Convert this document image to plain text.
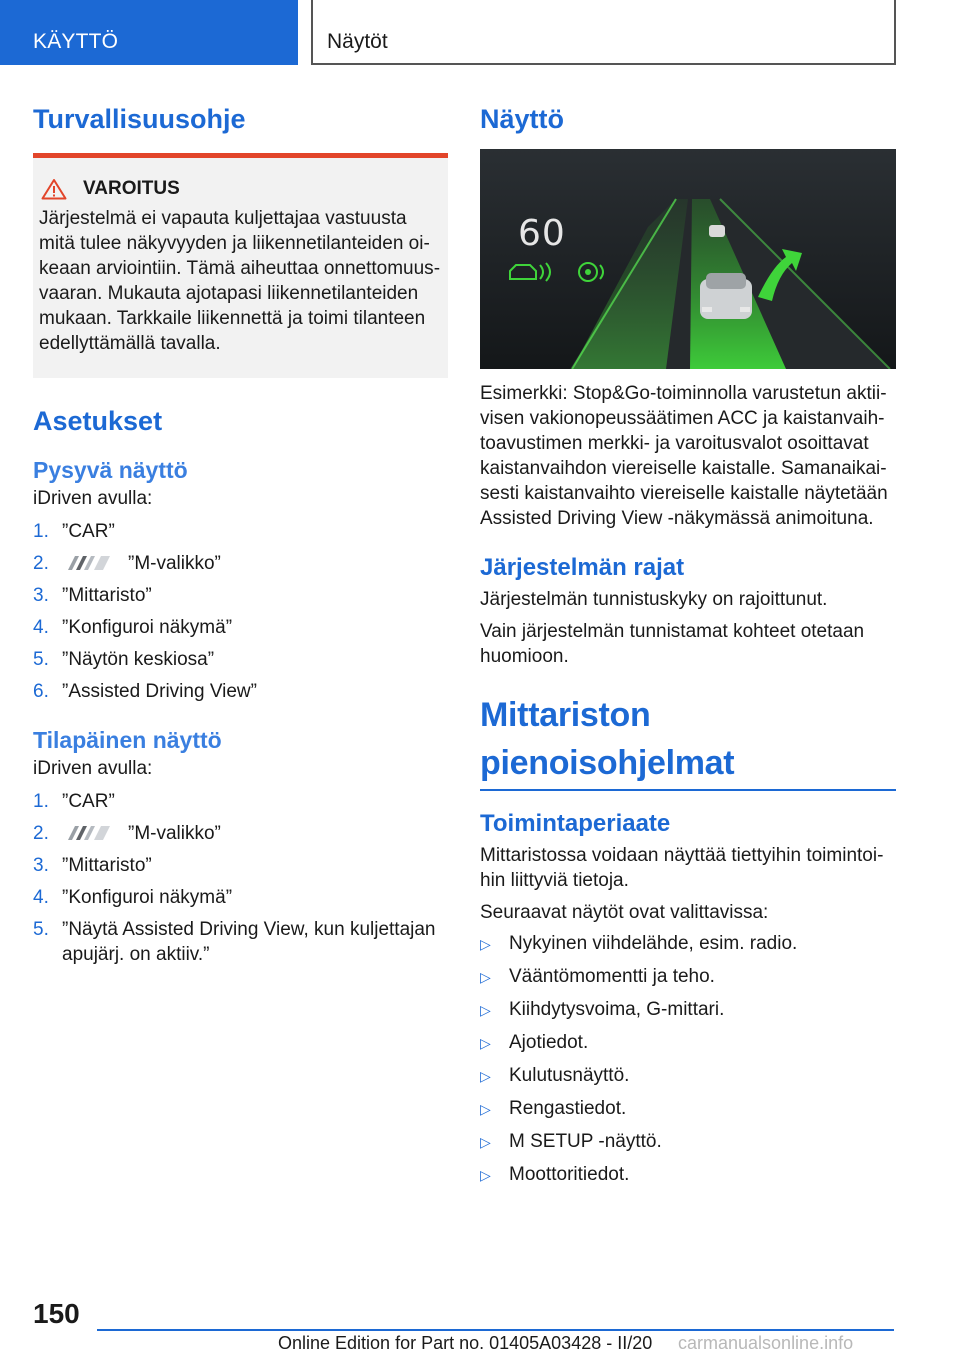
KÄYTTÖ	Näytöt
Turvallisuusohje
VAROITUS

Järjestelmä ei vapauta kuljettajaa vastuusta mitä tulee näkyvyyden ja liikennetilanteiden oikeaan arviointiin. Tämä aiheuttaa onnettomuusvaaran. Mukauta ajotapasi liikennetilanteiden mukaan. Tarkkaile liikennettä ja toimi tilanteen edellyttämällä tavalla.

Asetukset
Pysyvä näyttö

iDriven avulla:

1. ”CAR”
2.	”M-valikko”
3. ”Mittaristo”
4. ”Konfiguroi näkymä”
5. ”Näytön keskiosa”
6. ”Assisted Driving View”
Tilapäinen näyttö

iDriven avulla:

1. ”CAR”
2.	”M-valikko”
3. ”Mittaristo”
4. ”Konfiguroi näkymä”
5. ”Näytä Assisted Driving View, kun kuljettajan apujärj. on aktiiv.”
Näyttö
60

Esimerkki: Stop&Go-toiminnolla varustetun aktiivisen vakionopeussäätimen ACC ja kaistanvaihtoavustimen merkki- ja varoitusvalot osoittavat kaistanvaihdon viereiselle kaistalle. Samanaikaisesti kaistanvaihto viereiselle kaistalle näytetään Assisted Driving View -näkymässä animoituna.

Järjestelmän rajat

Järjestelmän tunnistuskyky on rajoittunut.

Vain järjestelmän tunnistamat kohteet otetaan huomioon.

Mittariston pienoisohjelmat
Toimintaperiaate

Mittaristossa voidaan näyttää tiettyihin toimintoihin liittyviä tietoja.

Seuraavat näytöt ovat valittavissa:

▷ Nykyinen viihdelähde, esim. radio.
▷ Vääntömomentti ja teho.
▷ Kiihdytysvoima, G-mittari.
▷ Ajotiedot.
▷ Kulutusnäyttö.
▷ Rengastiedot.
▷ M SETUP -näyttö.
▷ Moottoritiedot.
150
Online Edition for Part no. 01405A03428 - II/20 carmanualsonline.info
